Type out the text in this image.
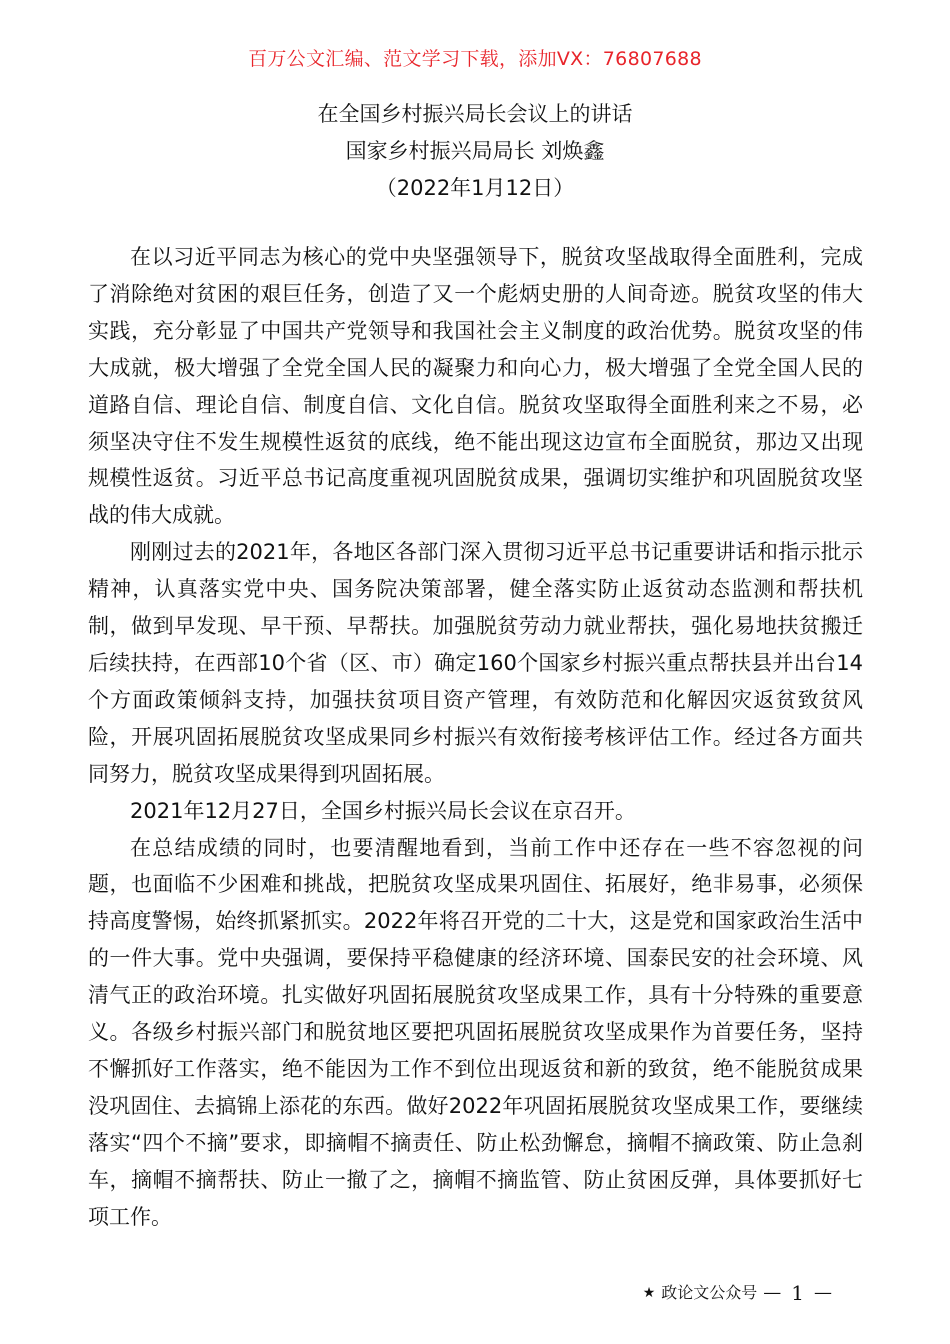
百万公文汇编、范文学习下载，添加VX：76807688
在全国乡村振兴局长会议上的讲话
国家乡村振兴局局长 刘焕鑫
（2022年1月12日）

在以习近平同志为核心的党中央坚强领导下，脱贫攻坚战取得全面胜利，完成了消除绝对贫困的艰巨任务，创造了又一个彪炳史册的人间奇迹。脱贫攻坚的伟大实践，充分彰显了中国共产党领导和我国社会主义制度的政治优势。脱贫攻坚的伟大成就，极大增强了全党全国人民的凝聚力和向心力，极大增强了全党全国人民的道路自信、理论自信、制度自信、文化自信。脱贫攻坚取得全面胜利来之不易，必须坚决守住不发生规模性返贫的底线，绝不能出现这边宣布全面脱贫，那边又出现规模性返贫。习近平总书记高度重视巩固脱贫成果，强调切实维护和巩固脱贫攻坚战的伟大成就。

刚刚过去的2021年，各地区各部门深入贯彻习近平总书记重要讲话和指示批示精神，认真落实党中央、国务院决策部署，健全落实防止返贫动态监测和帮扶机制，做到早发现、早干预、早帮扶。加强脱贫劳动力就业帮扶，强化易地扶贫搬迁后续扶持，在西部10个省（区、市）确定160个国家乡村振兴重点帮扶县并出台14个方面政策倾斜支持，加强扶贫项目资产管理，有效防范和化解因灾返贫致贫风险，开展巩固拓展脱贫攻坚成果同乡村振兴有效衔接考核评估工作。经过各方面共同努力，脱贫攻坚成果得到巩固拓展。

2021年12月27日，全国乡村振兴局长会议在京召开。

在总结成绩的同时，也要清醒地看到，当前工作中还存在一些不容忽视的问题，也面临不少困难和挑战，把脱贫攻坚成果巩固住、拓展好，绝非易事，必须保持高度警惕，始终抓紧抓实。2022年将召开党的二十大，这是党和国家政治生活中的一件大事。党中央强调，要保持平稳健康的经济环境、国泰民安的社会环境、风清气正的政治环境。扎实做好巩固拓展脱贫攻坚成果工作，具有十分特殊的重要意义。各级乡村振兴部门和脱贫地区要把巩固拓展脱贫攻坚成果作为首要任务，坚持不懈抓好工作落实，绝不能因为工作不到位出现返贫和新的致贫，绝不能脱贫成果没巩固住、去搞锦上添花的东西。做好2022年巩固拓展脱贫攻坚成果工作，要继续落实“四个不摘”要求，即摘帽不摘责任、防止松劲懈怠，摘帽不摘政策、防止急刹车，摘帽不摘帮扶、防止一撤了之，摘帽不摘监管、防止贫困反弹，具体要抓好七项工作。

★ 政论文公众号 — 1 —
